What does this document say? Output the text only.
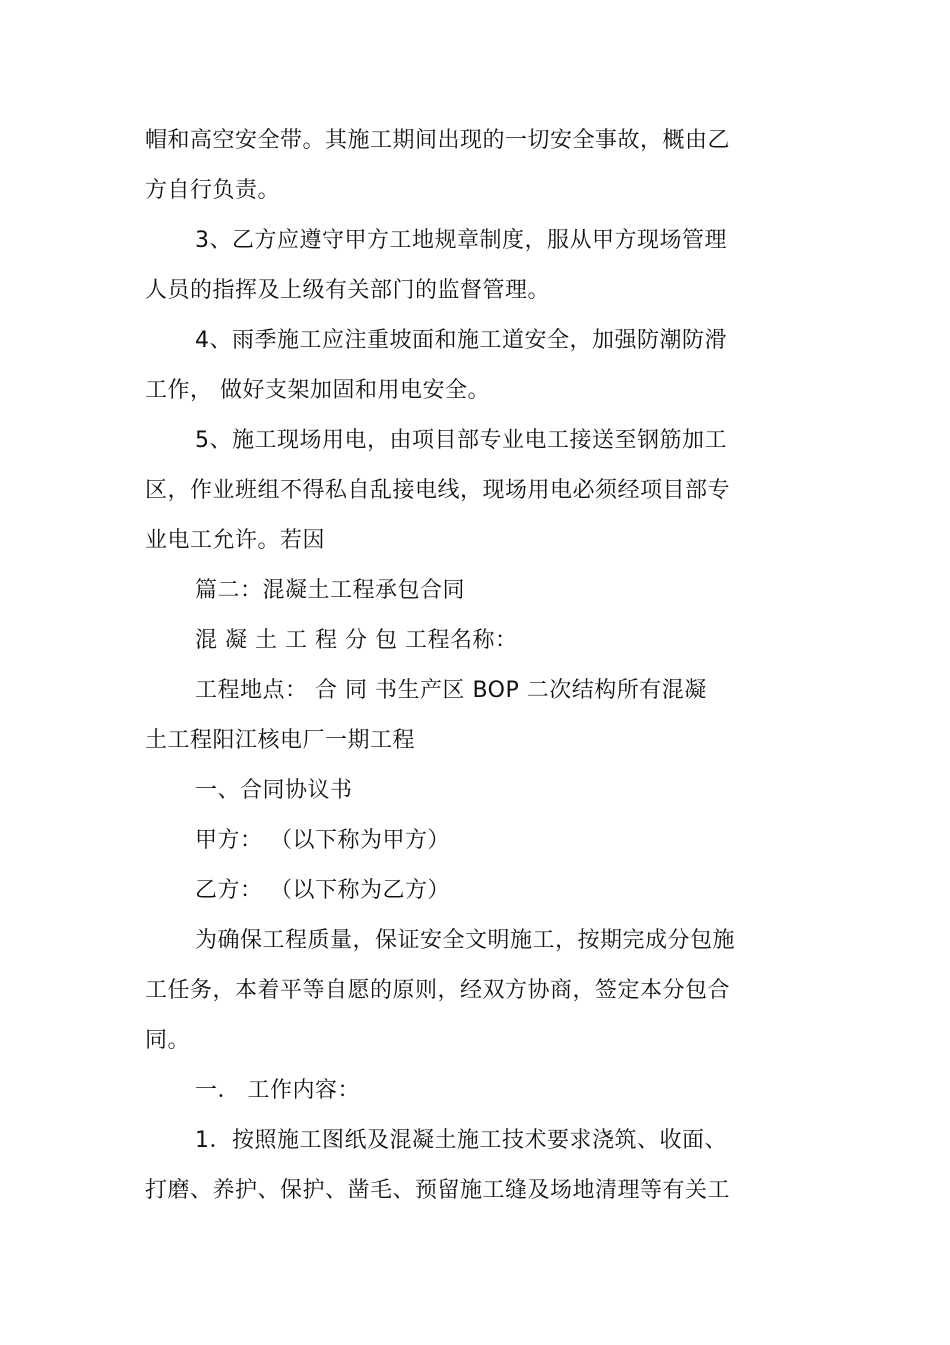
帽和高空安全带。其施工期间出现的一切安全事故，概由乙
方自行负责。
3、乙方应遵守甲方工地规章制度，服从甲方现场管理
人员的指挥及上级有关部门的监督管理。
4、雨季施工应注重坡面和施工道安全，加强防潮防滑
工作， 做好支架加固和用电安全。
5、施工现场用电，由项目部专业电工接送至钢筋加工
区，作业班组不得私自乱接电线，现场用电必须经项目部专
业电工允许。若因
篇二：混凝土工程承包合同
混 凝 土 工 程 分 包 工程名称：
工程地点： 合 同 书生产区 BOP 二次结构所有混凝
土工程阳江核电厂一期工程
一、合同协议书
甲方： （以下称为甲方）
乙方： （以下称为乙方）
为确保工程质量，保证安全文明施工，按期完成分包施
工任务，本着平等自愿的原则，经双方协商，签定本分包合
同。
一． 工作内容：
1．按照施工图纸及混凝土施工技术要求浇筑、收面、
打磨、养护、保护、凿毛、预留施工缝及场地清理等有关工
